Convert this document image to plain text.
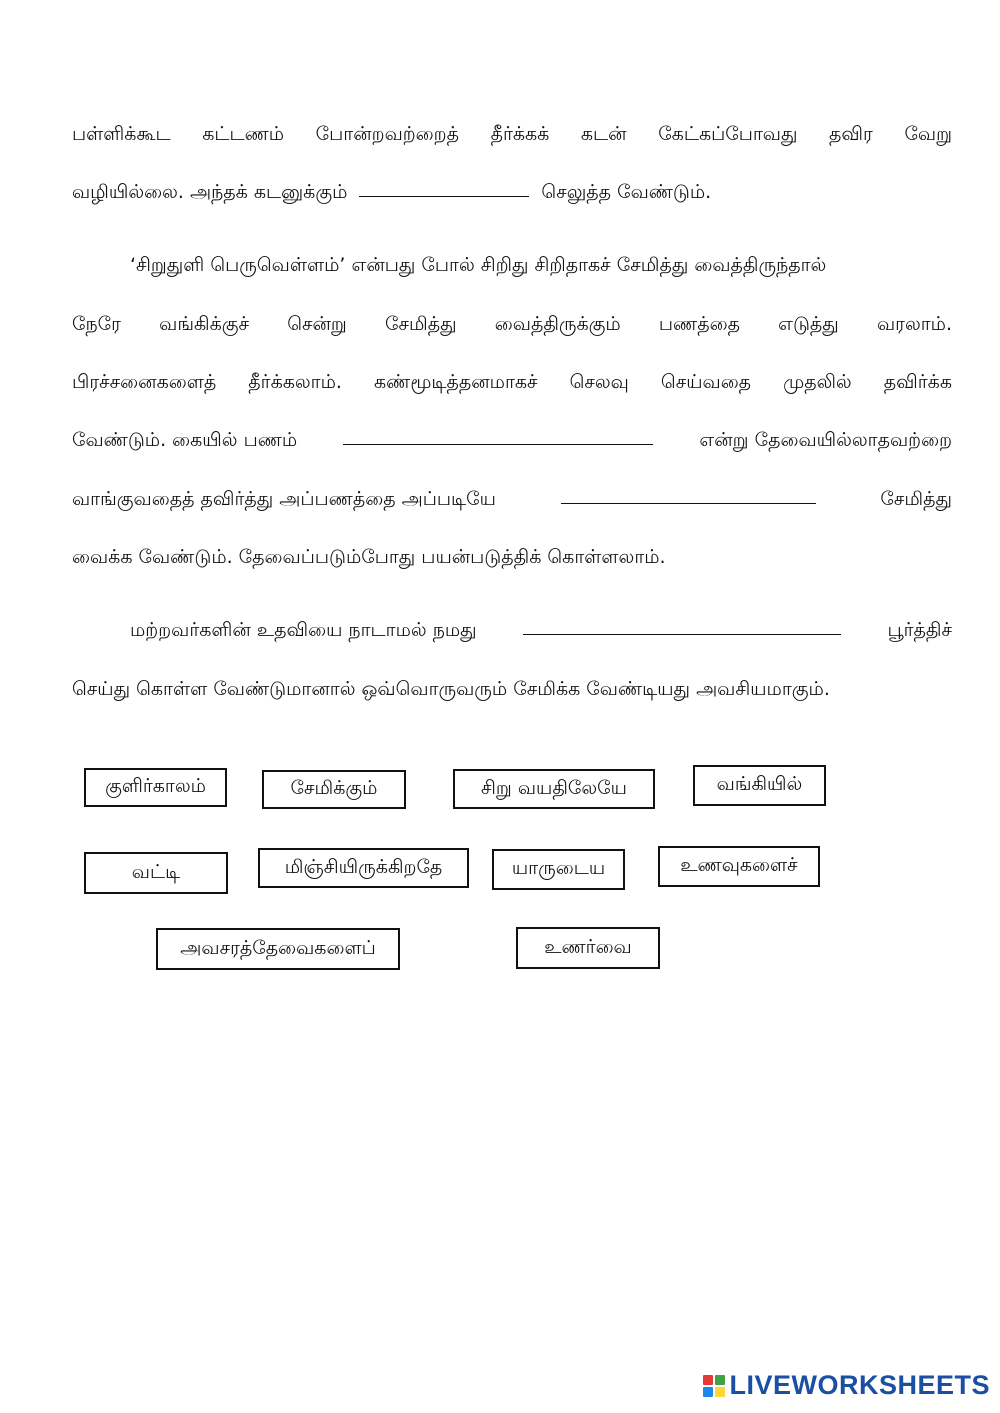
பள்ளிக்கூட கட்டணம் போன்றவற்றைத் தீர்க்கக் கடன் கேட்கப்போவது தவிர வேறு
வழியில்லை. அந்தக் கடனுக்கும்	செலுத்த வேண்டும்.
‘சிறுதுளி பெருவெள்ளம்’ என்பது போல் சிறிது சிறிதாகச் சேமித்து வைத்திருந்தால்
நேரே வங்கிக்குச் சென்று சேமித்து வைத்திருக்கும் பணத்தை எடுத்து வரலாம்.
பிரச்சனைகளைத் தீர்க்கலாம். கண்மூடித்தனமாகச் செலவு செய்வதை முதலில் தவிர்க்க
வேண்டும். கையில் பணம்	என்று தேவையில்லாதவற்றை
வாங்குவதைத் தவிர்த்து அப்பணத்தை அப்படியே	சேமித்து
வைக்க வேண்டும். தேவைப்படும்போது பயன்படுத்திக் கொள்ளலாம்.
மற்றவர்களின் உதவியை நாடாமல் நமது	பூர்த்திச்
செய்து கொள்ள வேண்டுமானால் ஒவ்வொருவரும் சேமிக்க வேண்டியது அவசியமாகும்.
குளிர்காலம்	சேமிக்கும்	சிறு வயதிலேயே	வங்கியில்
வட்டி	மிஞ்சியிருக்கிறதே	யாருடைய	உணவுகளைச்
அவசரத்தேவைகளைப்	உணர்வை
LIVEWORKSHEETS
